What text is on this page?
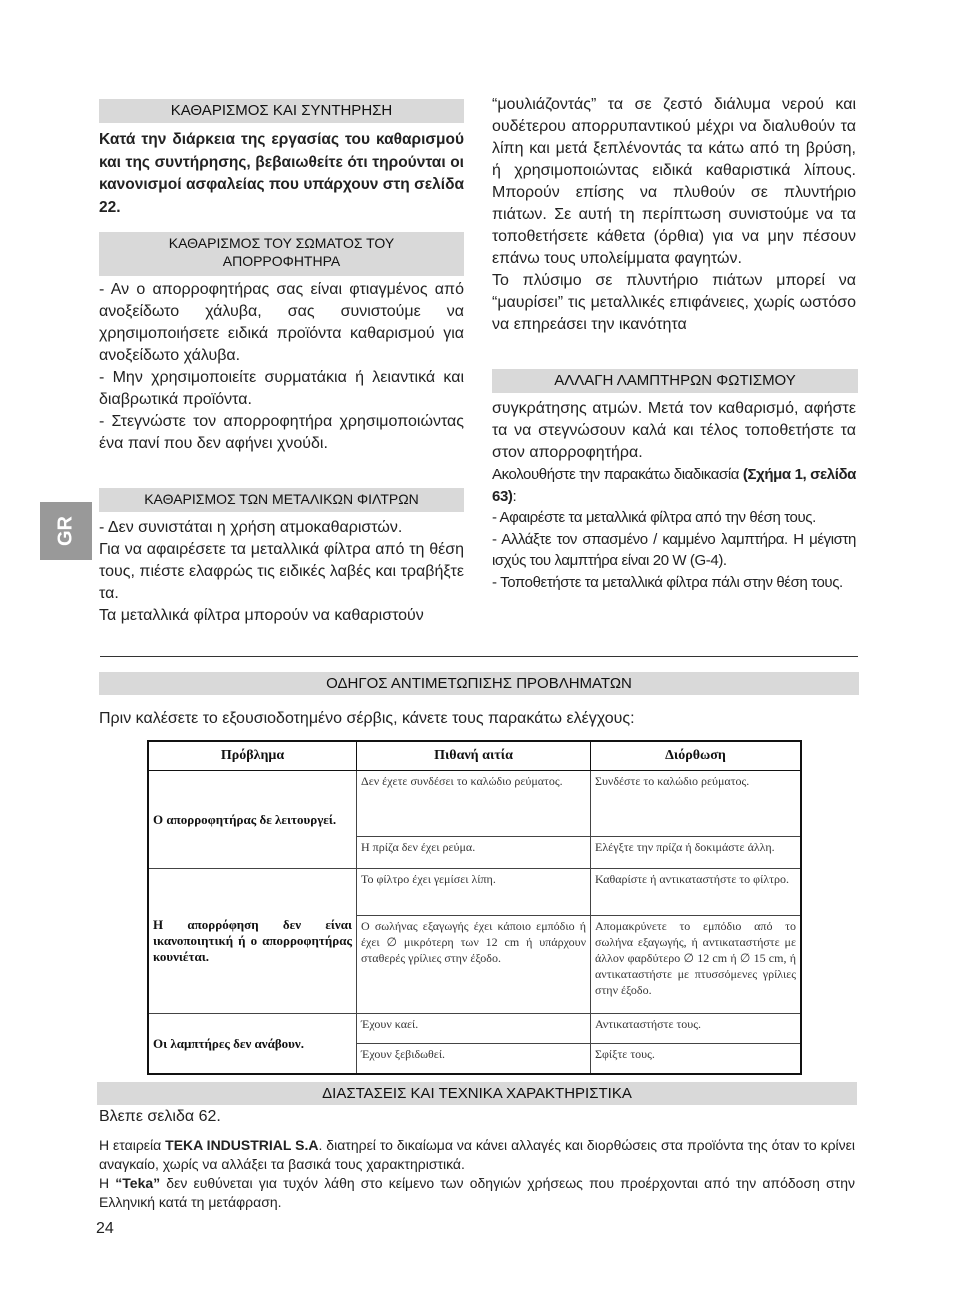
ΚΑΘΑΡΙΣΜΟΣ ΚΑΙ ΣΥΝΤΗΡΗΣΗ
Κατά την διάρκεια της εργασίας του καθαρισμού και της συντήρησης, βεβαιωθείτε ότι τηρούνται οι κανονισμοί ασφαλείας που υπάρχουν στη σελίδα 22.
ΚΑΘΑΡΙΣΜΟΣ ΤΟΥ ΣΩΜΑΤΟΣ ΤΟΥ
ΑΠΟΡΡΟΦΗΤΗΡΑ

- Αν ο απορροφητήρας σας είναι φτιαγμένος από ανοξείδωτο χάλυβα, σας συνιστούμε να χρησιμοποιήσετε ειδικά προϊόντα καθαρισμού για ανοξείδωτο χάλυβα.

- Μην χρησιμοποιείτε συρματάκια ή λειαντικά και διαβρωτικά προϊόντα.

- Στεγνώστε τον απορροφητήρα χρησιμοποιώντας ένα πανί που δεν αφήνει χνούδι.

ΚΑΘΑΡΙΣΜΟΣ ΤΩΝ ΜΕΤΑΛΙΚΩΝ ΦΙΛΤΡΩΝ

- Δεν συνιστάται η χρήση ατμοκαθαριστών.

Για να αφαιρέσετε τα μεταλλικά φίλτρα από τη θέση τους, πιέστε ελαφρώς τις ειδικές λαβές και τραβήξτε τα.

Τα μεταλλικά φίλτρα μπορούν να καθαριστούν

GR

“μουλιάζοντάς” τα σε ζεστό διάλυμα νερού και ουδέτερου απορρυπαντικού μέχρι να διαλυθούν τα λίπη και μετά ξεπλένοντάς τα κάτω από τη βρύση, ή χρησιμοποιώντας ειδικά καθαριστικά λίπους. Μπορούν επίσης να πλυθούν σε πλυντήριο πιάτων. Σε αυτή τη περίπτωση συνιστούμε να τα τοποθετήσετε κάθετα (όρθια) για να μην πέσουν επάνω τους υπολείμματα φαγητών.

Το πλύσιμο σε πλυντήριο πιάτων μπορεί να “μαυρίσει” τις μεταλλικές επιφάνειες, χωρίς ωστόσο να επηρεάσει την ικανότητα

ΑΛΛΑΓΗ ΛΑΜΠΤΗΡΩΝ ΦΩΤΙΣΜΟΥ

συγκράτησης ατμών. Μετά τον καθαρισμό, αφήστε τα να στεγνώσουν καλά και τέλος τοποθετήστε τα στον απορροφητήρα.

Ακολουθήστε την παρακάτω διαδικασία (Σχήμα 1, σελίδα 63):

- Αφαιρέστε τα μεταλλικά φίλτρα από την θέση τους.

- Αλλάξτε τον σπασμένο / καμμένο λαμπτήρα. Η μέγιστη ισχύς του λαμπτήρα είναι 20 W (G-4).

- Τοποθετήστε τα μεταλλικά φίλτρα πάλι στην θέση τους.

ΟΔΗΓΟΣ ΑΝΤΙΜΕΤΩΠΙΣΗΣ ΠΡΟΒΛΗΜΑΤΩΝ
Πριν καλέσετε το εξουσιοδοτημένο σέρβις, κάνετε τους παρακάτω ελέγχους:
Πρόβλημα	Πιθανή αιτία	Διόρθωση
Ο απορροφητήρας δε λειτουργεί.	Δεν έχετε συνδέσει το καλώδιο ρεύματος.	Συνδέστε το καλώδιο ρεύματος.
	Η πρίζα δεν έχει ρεύμα.	Ελέγξτε την πρίζα ή δοκιμάστε άλλη.
Η απορρόφηση δεν είναι ικανοποιητική ή ο απορροφητήρας κουνιέται.	Το φίλτρο έχει γεμίσει λίπη.	Καθαρίστε ή αντικαταστήστε το φίλτρο.
	Ο σωλήνας εξαγωγής έχει κάποιο εμπόδιο ή έχει ∅ μικρότερη των 12 cm ή υπάρχουν σταθερές γρίλιες στην έξοδο.	Απομακρύνετε το εμπόδιο από το σωλήνα εξαγωγής, ή αντικαταστήστε με άλλον φαρδύτερο ∅ 12 cm ή ∅ 15 cm, ή αντικαταστήστε με πτυσσόμενες γρίλιες στην έξοδο.
Οι λαμπτήρες δεν ανάβουν.	Έχουν καεί.	Αντικαταστήστε τους.
	Έχουν ξεβιδωθεί.	Σφίξτε τους.
ΔΙΑΣΤΑΣΕΙΣ ΚΑΙ ΤΕΧΝΙΚΑ ΧΑΡΑΚΤΗΡΙΣΤΙΚΑ
Βλεπε σελιδα 62.
Η εταιρεία TEKA INDUSTRIAL S.A. διατηρεί το δικαίωμα να κάνει αλλαγές και διορθώσεις στα προϊόντα της όταν το κρίνει αναγκαίο, χωρίς να αλλάξει τα βασικά τους χαρακτηριστικά.
Η “Teka” δεν ευθύνεται για τυχόν λάθη στο κείμενο των οδηγιών χρήσεως που προέρχονται από την απόδοση στην Ελληνική κατά τη μετάφραση.
24
